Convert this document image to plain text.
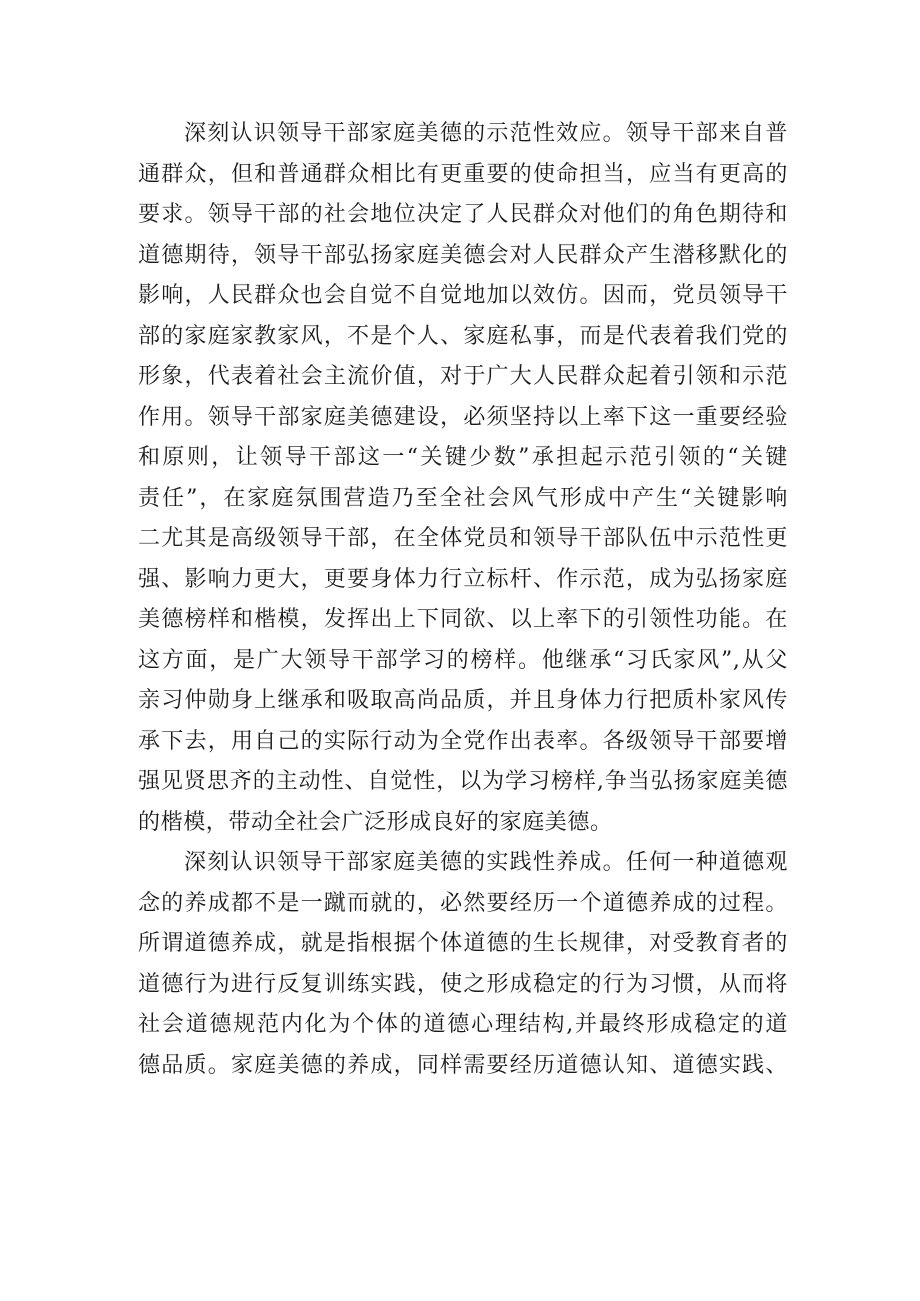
深刻认识领导干部家庭美德的示范性效应。领导干部来自普
通群众，但和普通群众相比有更重要的使命担当，应当有更高的
要求。领导干部的社会地位决定了人民群众对他们的角色期待和
道德期待，领导干部弘扬家庭美德会对人民群众产生潜移默化的
影响，人民群众也会自觉不自觉地加以效仿。因而，党员领导干
部的家庭家教家风，不是个人、家庭私事，而是代表着我们党的
形象，代表着社会主流价值，对于广大人民群众起着引领和示范
作用。领导干部家庭美德建设，必须坚持以上率下这一重要经验
和原则，让领导干部这一“关键少数”承担起示范引领的“关键
责任”，在家庭氛围营造乃至全社会风气形成中产生“关键影响
二尤其是高级领导干部，在全体党员和领导干部队伍中示范性更
强、影响力更大，更要身体力行立标杆、作示范，成为弘扬家庭
美德榜样和楷模，发挥出上下同欲、以上率下的引领性功能。在
这方面，是广大领导干部学习的榜样。他继承“习氏家风”,从父
亲习仲勋身上继承和吸取高尚品质，并且身体力行把质朴家风传
承下去，用自己的实际行动为全党作出表率。各级领导干部要增
强见贤思齐的主动性、自觉性，以为学习榜样,争当弘扬家庭美德
的楷模，带动全社会广泛形成良好的家庭美德。
深刻认识领导干部家庭美德的实践性养成。任何一种道德观
念的养成都不是一蹴而就的，必然要经历一个道德养成的过程。
所谓道德养成，就是指根据个体道德的生长规律，对受教育者的
道德行为进行反复训练实践，使之形成稳定的行为习惯，从而将
社会道德规范内化为个体的道德心理结构,并最终形成稳定的道
德品质。家庭美德的养成，同样需要经历道德认知、道德实践、
